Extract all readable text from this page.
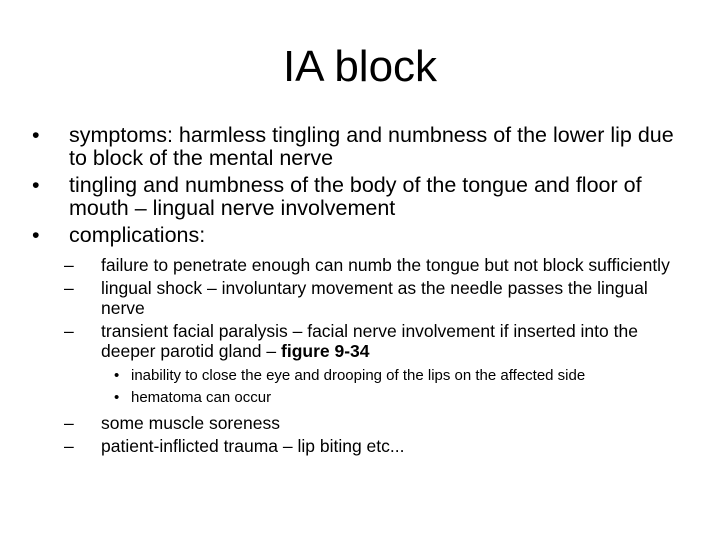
IA block
• symptoms: harmless tingling and numbness of the lower lip due to block of the mental nerve
• tingling and numbness of the body of the tongue and floor of mouth – lingual nerve involvement
• complications:
– failure to penetrate enough can numb the tongue but not block sufficiently
– lingual shock – involuntary movement as the needle passes the lingual nerve
– transient facial paralysis – facial nerve involvement if inserted into the deeper parotid gland – figure 9-34
• inability to close the eye and drooping of the lips on the affected side
• hematoma can occur
– some muscle soreness
– patient-inflicted trauma – lip biting etc...
